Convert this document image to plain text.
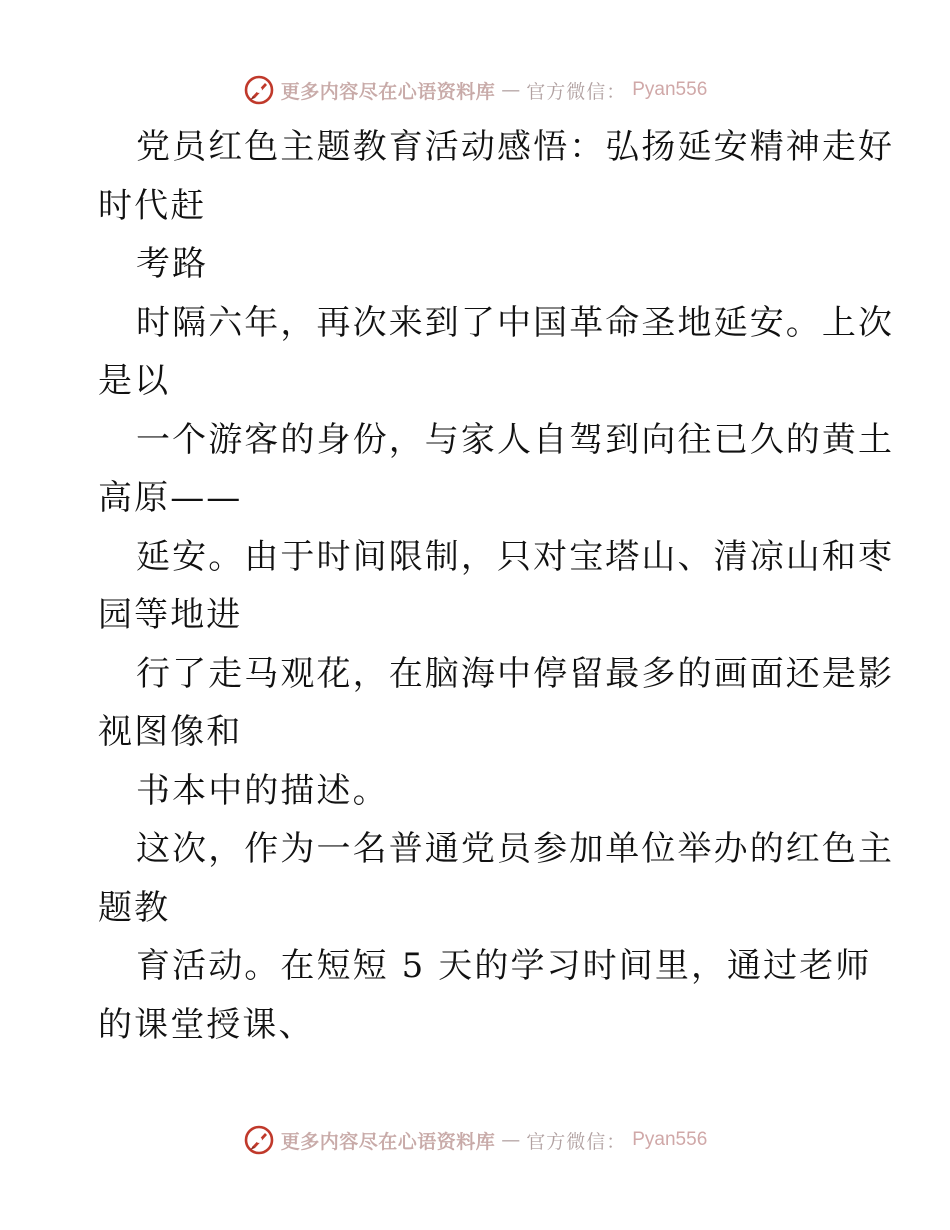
更多内容尽在心语资料库 — 官方微信： Pyan556

党员红色主题教育活动感悟：弘扬延安精神走好

时代赶

考路

时隔六年，再次来到了中国革命圣地延安。上次

是以

一个游客的身份，与家人自驾到向往已久的黄土

高原——

延安。由于时间限制，只对宝塔山、清凉山和枣

园等地进

行了走马观花，在脑海中停留最多的画面还是影

视图像和

书本中的描述。

这次，作为一名普通党员参加单位举办的红色主

题教

育活动。在短短 5 天的学习时间里，通过老师

的课堂授课、

更多内容尽在心语资料库 — 官方微信： Pyan556
